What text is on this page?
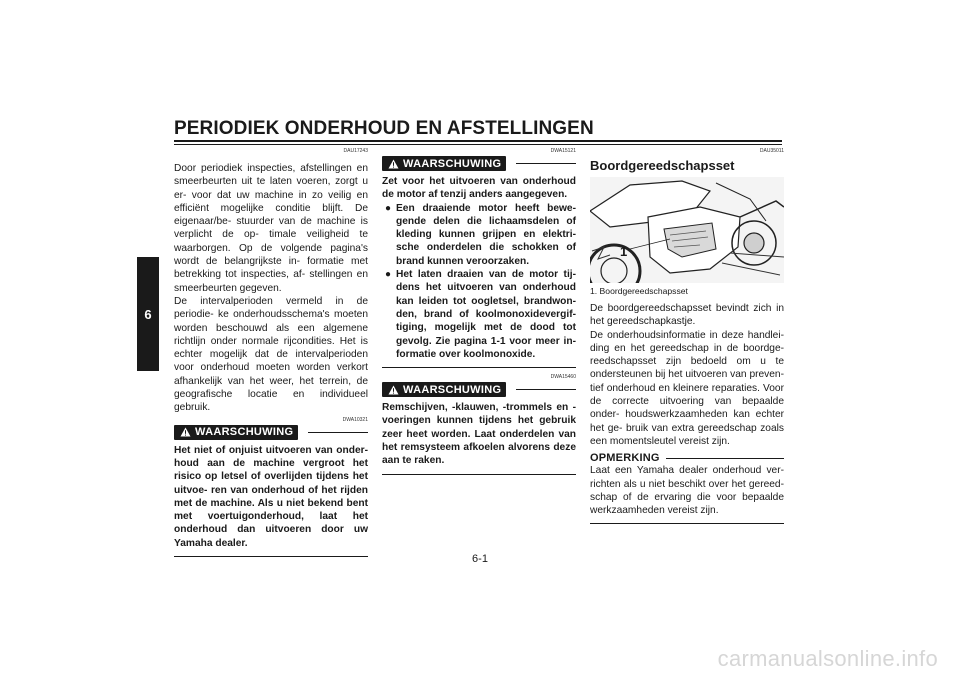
PERIODIEK ONDERHOUD EN AFSTELLINGEN
6
DAU17243

Door periodiek inspecties, afstellingen en smeerbeurten uit te laten voeren, zorgt u er- voor dat uw machine in zo veilig en efficiënt mogelijke conditie blijft. De eigenaar/be- stuurder van de machine is verplicht de op- timale veiligheid te waarborgen. Op de volgende pagina's wordt de belangrijkste in- formatie met betrekking tot inspecties, af- stellingen en smeerbeurten gegeven.

De intervalperioden vermeld in de periodie- ke onderhoudsschema's moeten worden beschouwd als een algemene richtlijn onder normale rijcondities. Het is echter mogelijk dat de intervalperioden voor onderhoud moeten worden verkort afhankelijk van het weer, het terrein, de geografische locatie en individueel gebruik.

DWA10321
WAARSCHUWING

Het niet of onjuist uitvoeren van onder- houd aan de machine vergroot het risico op letsel of overlijden tijdens het uitvoe- ren van onderhoud of het rijden met de machine. Als u niet bekend bent met voertuigonderhoud, laat het onderhoud dan uitvoeren door uw Yamaha dealer.

DWA15121
WAARSCHUWING

Zet voor het uitvoeren van onderhoud de motor af tenzij anders aangegeven.

● Een draaiende motor heeft bewe- gende delen die lichaamsdelen of kleding kunnen grijpen en elektri- sche onderdelen die schokken of brand kunnen veroorzaken.
● Het laten draaien van de motor tij- dens het uitvoeren van onderhoud kan leiden tot oogletsel, brandwon- den, brand of koolmonoxidevergif- tiging, mogelijk met de dood tot gevolg. Zie pagina 1-1 voor meer in- formatie over koolmonoxide.
DWA15460
WAARSCHUWING

Remschijven, -klauwen, -trommels en -voeringen kunnen tijdens het gebruik zeer heet worden. Laat onderdelen van het remsysteem afkoelen alvorens deze aan te raken.

DAU35011
Boordgereedschapsset
1
1. Boordgereedschapsset

De boordgereedschapsset bevindt zich in het gereedschapkastje.

De onderhoudsinformatie in deze handlei- ding en het gereedschap in de boordge- reedschapsset zijn bedoeld om u te ondersteunen bij het uitvoeren van preven- tief onderhoud en kleinere reparaties. Voor de correcte uitvoering van bepaalde onder- houdswerkzaamheden kan echter het ge- bruik van extra gereedschap zoals een momentsleutel vereist zijn.

OPMERKING

Laat een Yamaha dealer onderhoud ver- richten als u niet beschikt over het gereed- schap of de ervaring die voor bepaalde werkzaamheden vereist zijn.

6-1
carmanualsonline.info
